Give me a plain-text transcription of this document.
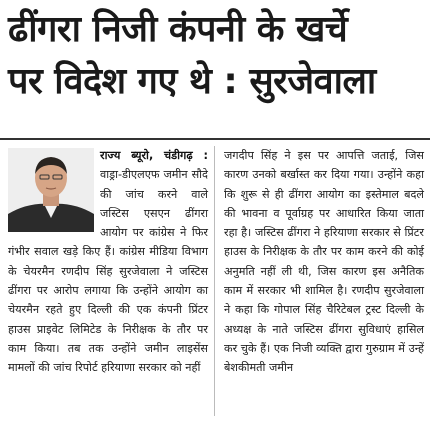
ढींगरा निजी कंपनी के खर्चे
पर विदेश गए थे : सुरजेवाला

राज्य ब्यूरो, चंडीगढ़ : वाड्रा-डीएलएफ जमीन सौदे की जांच करने वाले जस्टिस एसएन ढींगरा आयोग पर कांग्रेस ने फिर गंभीर सवाल खड़े किए हैं। कांग्रेस मीडिया विभाग के चेयरमैन रणदीप सिंह सुरजेवाला ने जस्टिस ढींगरा पर आरोप लगाया कि उन्होंने आयोग का चेयरमैन रहते हुए दिल्ली की एक कंपनी प्रिंटर हाउस प्राइवेट लिमिटेड के निरीक्षक के तौर पर काम किया। तब तक उन्होंने जमीन लाइसेंस मामलों की जांच रिपोर्ट हरियाणा सरकार को नहीं

जगदीप सिंह ने इस पर आपत्ति जताई, जिस कारण उनको बर्खास्त कर दिया गया। उन्होंने कहा कि शुरू से ही ढींगरा आयोग का इस्तेमाल बदले की भावना व पूर्वाग्रह पर आधारित किया जाता रहा है। जस्टिस ढींगरा ने हरियाणा सरकार से प्रिंटर हाउस के निरीक्षक के तौर पर काम करने की कोई अनुमति नहीं ली थी, जिस कारण इस अनैतिक काम में सरकार भी शामिल है। रणदीप सुरजेवाला ने कहा कि गोपाल सिंह चैरिटेबल ट्रस्ट दिल्ली के अध्यक्ष के नाते जस्टिस ढींगरा सुविधाएं हासिल कर चुके हैं। एक निजी व्यक्ति द्वारा गुरुग्राम में उन्हें बेशकीमती जमीन
